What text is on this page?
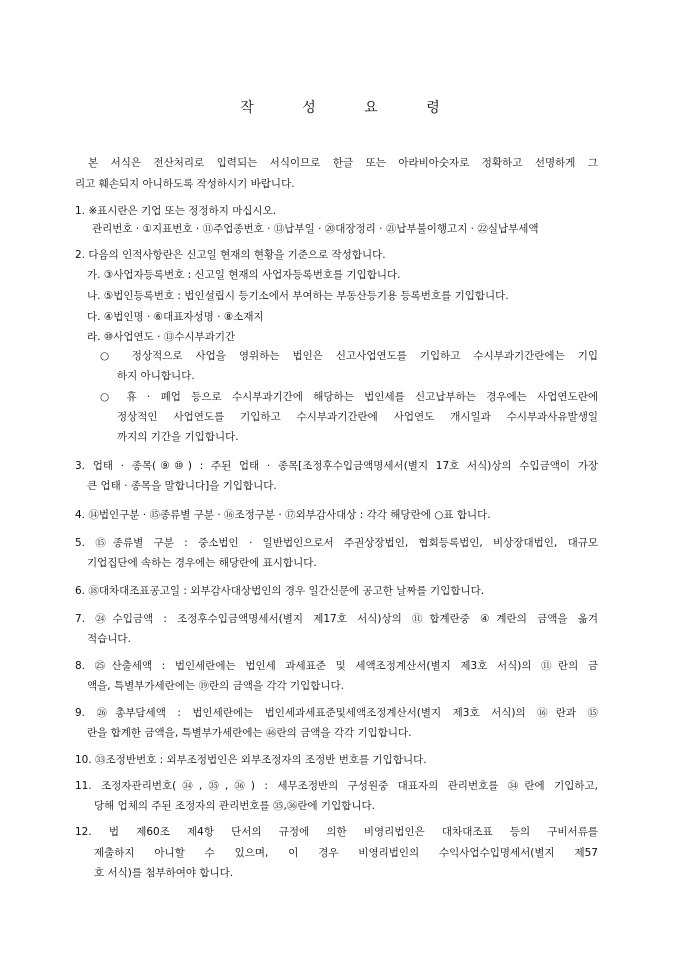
작 성 요 령
본 서식은 전산처리로 입력되는 서식이므로 한글 또는 아라비아숫자로 정확하고 선명하게 그
리고 훼손되지 아니하도록 작성하시기 바랍니다.
1. ※표시란은 기업 또는 정정하지 마십시오.
관리번호 · ①지표번호 · ⑪주업종번호 · ⑬납부일 · ⑳대장정리 · ㉑납부불이행고지 · ㉒실납부세액
2. 다음의 인적사항란은 신고일 현재의 현황을 기준으로 작성합니다.
가. ③사업자등록번호 : 신고일 현재의 사업자등록번호를 기입합니다.
나. ⑤법인등록번호 : 법인설립시 등기소에서 부여하는 부동산등기용 등록번호를 기입합니다.
다. ④법인명 · ⑥대표자성명 · ⑧소재지
라. ⑩사업연도 · ⑬수시부과기간
○ 정상적으로 사업을 영위하는 법인은 신고사업연도를 기입하고 수시부과기간란에는 기입
하지 아니합니다.
○ 휴 · 폐업 등으로 수시부과기간에 해당하는 법인세를 신고납부하는 경우에는 사업연도란에
정상적인 사업연도를 기입하고 수시부과기간란에 사업연도 개시일과 수시부과사유발생일
까지의 기간을 기입합니다.
3. 업태 · 종목(⑨⑩) : 주된 업태 · 종목[조정후수입금액명세서(별지 17호 서식)상의 수입금액이 가장
큰 업태 · 종목을 말합니다]을 기입합니다.
4. ⑭법인구분 · ⑮종류별 구분 · ⑯조정구분 · ⑰외부감사대상 : 각각 해당란에 ○표 합니다.
5. ⑮종류별 구분 : 중소법인 · 일반법인으로서 주권상장법인, 협회등록법인, 비상장대법인, 대규모
기업집단에 속하는 경우에는 해당란에 표시합니다.
6. ⑱대차대조표공고일 : 외부감사대상법인의 경우 일간신문에 공고한 날짜를 기입합니다.
7. ㉔수입금액 : 조정후수입금액명세서(별지 제17호 서식)상의 ⑪합계란중 ④계란의 금액을 옮겨
적습니다.
8. ㉕산출세액 : 법인세란에는 법인세 과세표준 및 세액조정계산서(별지 제3호 서식)의 ⑪란의 금
액을, 특별부가세란에는 ⑲란의 금액을 각각 기입합니다.
9. ㉖총부담세액 : 법인세란에는 법인세과세표준및세액조정계산서(별지 제3호 서식)의 ⑯란과 ⑮
란을 합계한 금액을, 특별부가세란에는 ㊻란의 금액을 각각 기입합니다.
10. ㉝조정반번호 : 외부조정법인은 외부조정자의 조정반 번호를 기입합니다.
11. 조정자관리번호(㉞,㉟,㊱) : 세무조정반의 구성원중 대표자의 관리번호를 ㉞란에 기입하고,
당해 업체의 주된 조정자의 관리번호를 ㉟,㊱란에 기입합니다.
12. 법 제60조 제4항 단서의 규정에 의한 비영리법인은 대차대조표 등의 구비서류를
제출하지 아니할 수 있으며, 이 경우 비영리법인의 수익사업수입명세서(별지 제57
호 서식)를 첨부하여야 합니다.
